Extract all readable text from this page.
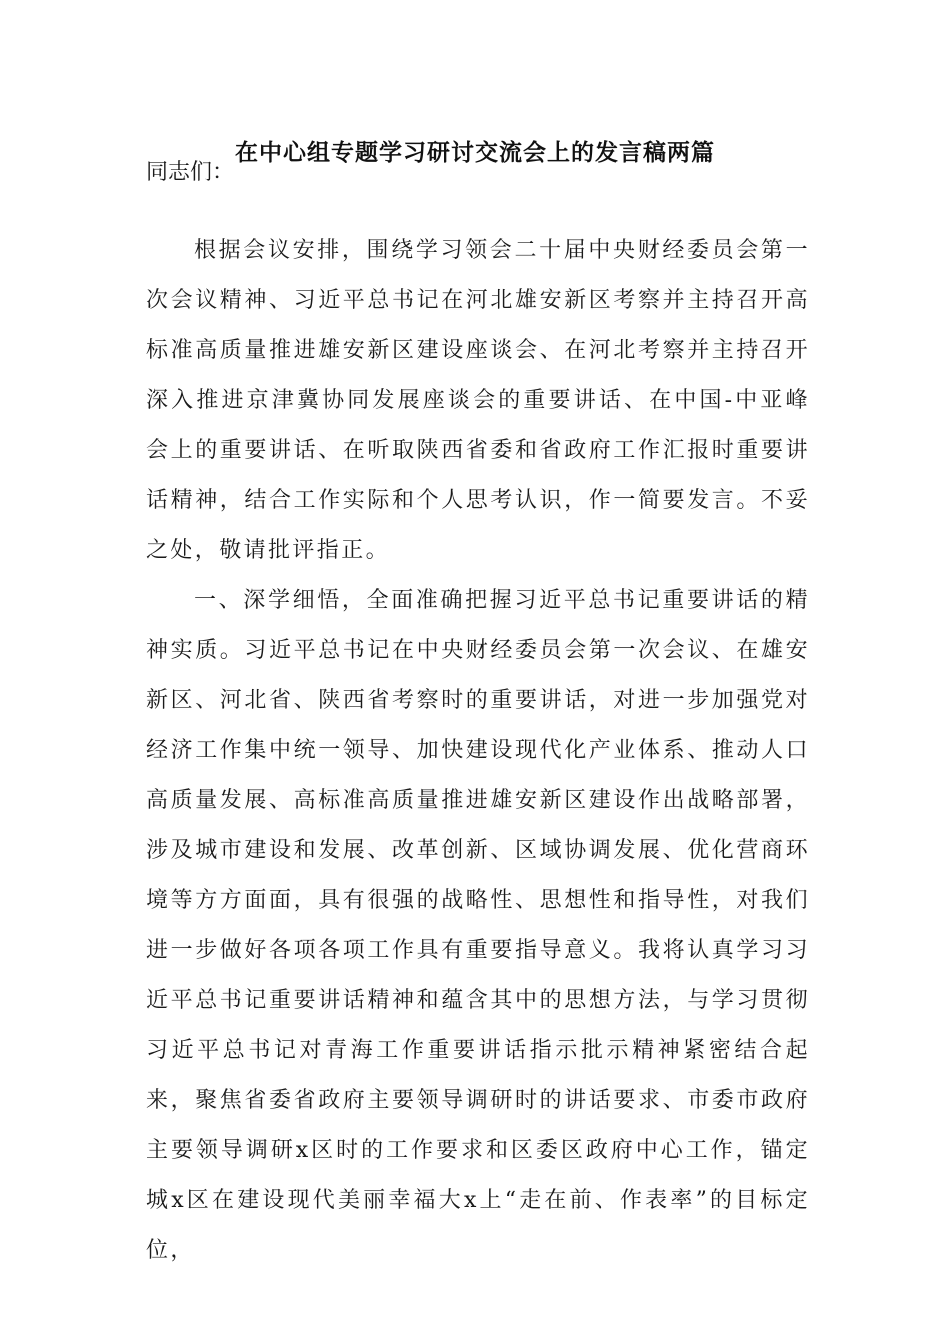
在中心组专题学习研讨交流会上的发言稿两篇
同志们：

根据会议安排，围绕学习领会二十届中央财经委员会第一次会议精神、习近平总书记在河北雄安新区考察并主持召开高标准高质量推进雄安新区建设座谈会、在河北考察并主持召开深入推进京津冀协同发展座谈会的重要讲话、在中国-中亚峰会上的重要讲话、在听取陕西省委和省政府工作汇报时重要讲话精神，结合工作实际和个人思考认识，作一简要发言。不妥之处，敬请批评指正。

一、深学细悟，全面准确把握习近平总书记重要讲话的精神实质。习近平总书记在中央财经委员会第一次会议、在雄安新区、河北省、陕西省考察时的重要讲话，对进一步加强党对经济工作集中统一领导、加快建设现代化产业体系、推动人口高质量发展、高标准高质量推进雄安新区建设作出战略部署，涉及城市建设和发展、改革创新、区域协调发展、优化营商环境等方方面面，具有很强的战略性、思想性和指导性，对我们进一步做好各项各项工作具有重要指导意义。我将认真学习习近平总书记重要讲话精神和蕴含其中的思想方法，与学习贯彻习近平总书记对青海工作重要讲话指示批示精神紧密结合起来，聚焦省委省政府主要领导调研时的讲话要求、市委市政府主要领导调研x区时的工作要求和区委区政府中心工作，锚定城x区在建设现代美丽幸福大x上“走在前、作表率”的目标定位，
